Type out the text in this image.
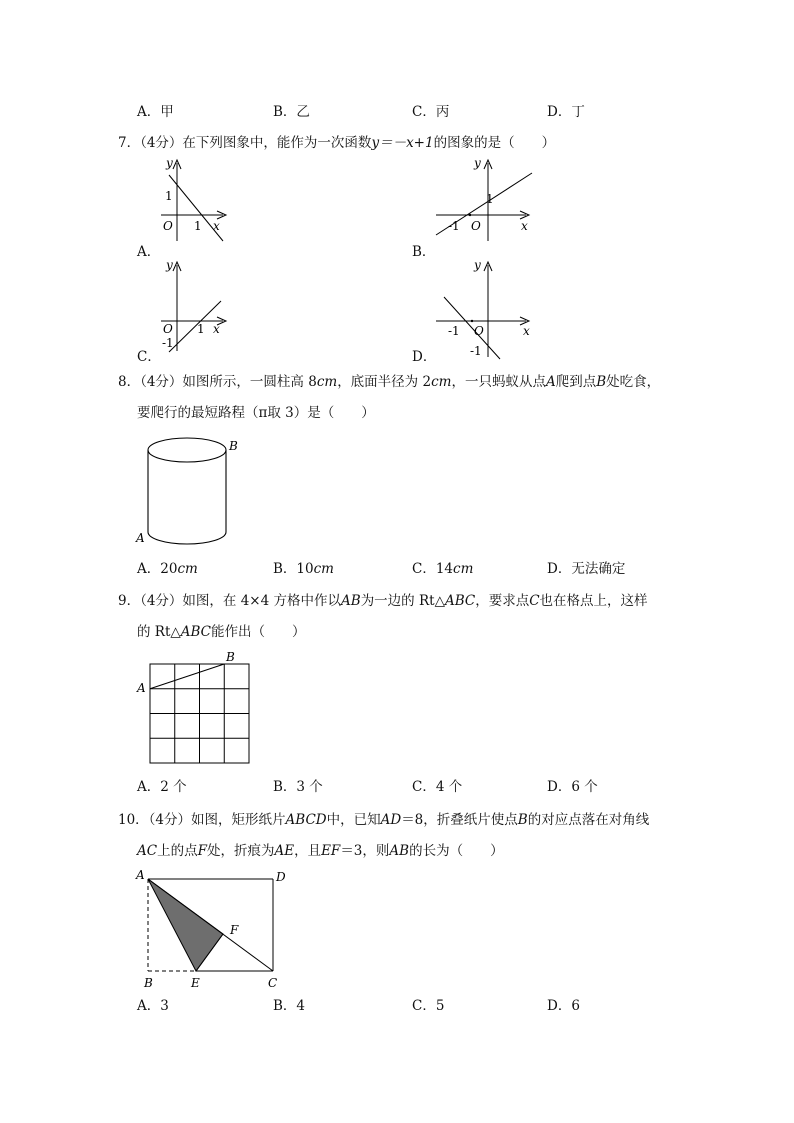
A．甲	B．乙	C．丙	D．丁
7．（4分）在下列图象中，能作为一次函数y＝－x+1的图象的是（　　）
y
1
O 1 x
A．
y
1
-1 O	x
B．
y
O
-1
1 x
C．
y
-1 O
-1
x
D．
8．（4分）如图所示，一圆柱高 8cm，底面半径为 2cm，一只蚂蚁从点A爬到点B处吃食，
要爬行的最短路程（π取 3）是（　　）
B
A
A．20cm	B．10cm	C．14cm	D．无法确定
9．（4分）如图，在 4×4 方格中作以AB为一边的 Rt△ABC，要求点C也在格点上，这样
的 Rt△ABC能作出（　　）
B
A
A．2 个	B．3 个	C．4 个	D．6 个
10．（4分）如图，矩形纸片ABCD中，已知AD＝8，折叠纸片使点B的对应点落在对角线
AC上的点F处，折痕为AE，且EF＝3，则AB的长为（　　）
A	D
F
B	E	C
A．3	B．4	C．5	D．6
